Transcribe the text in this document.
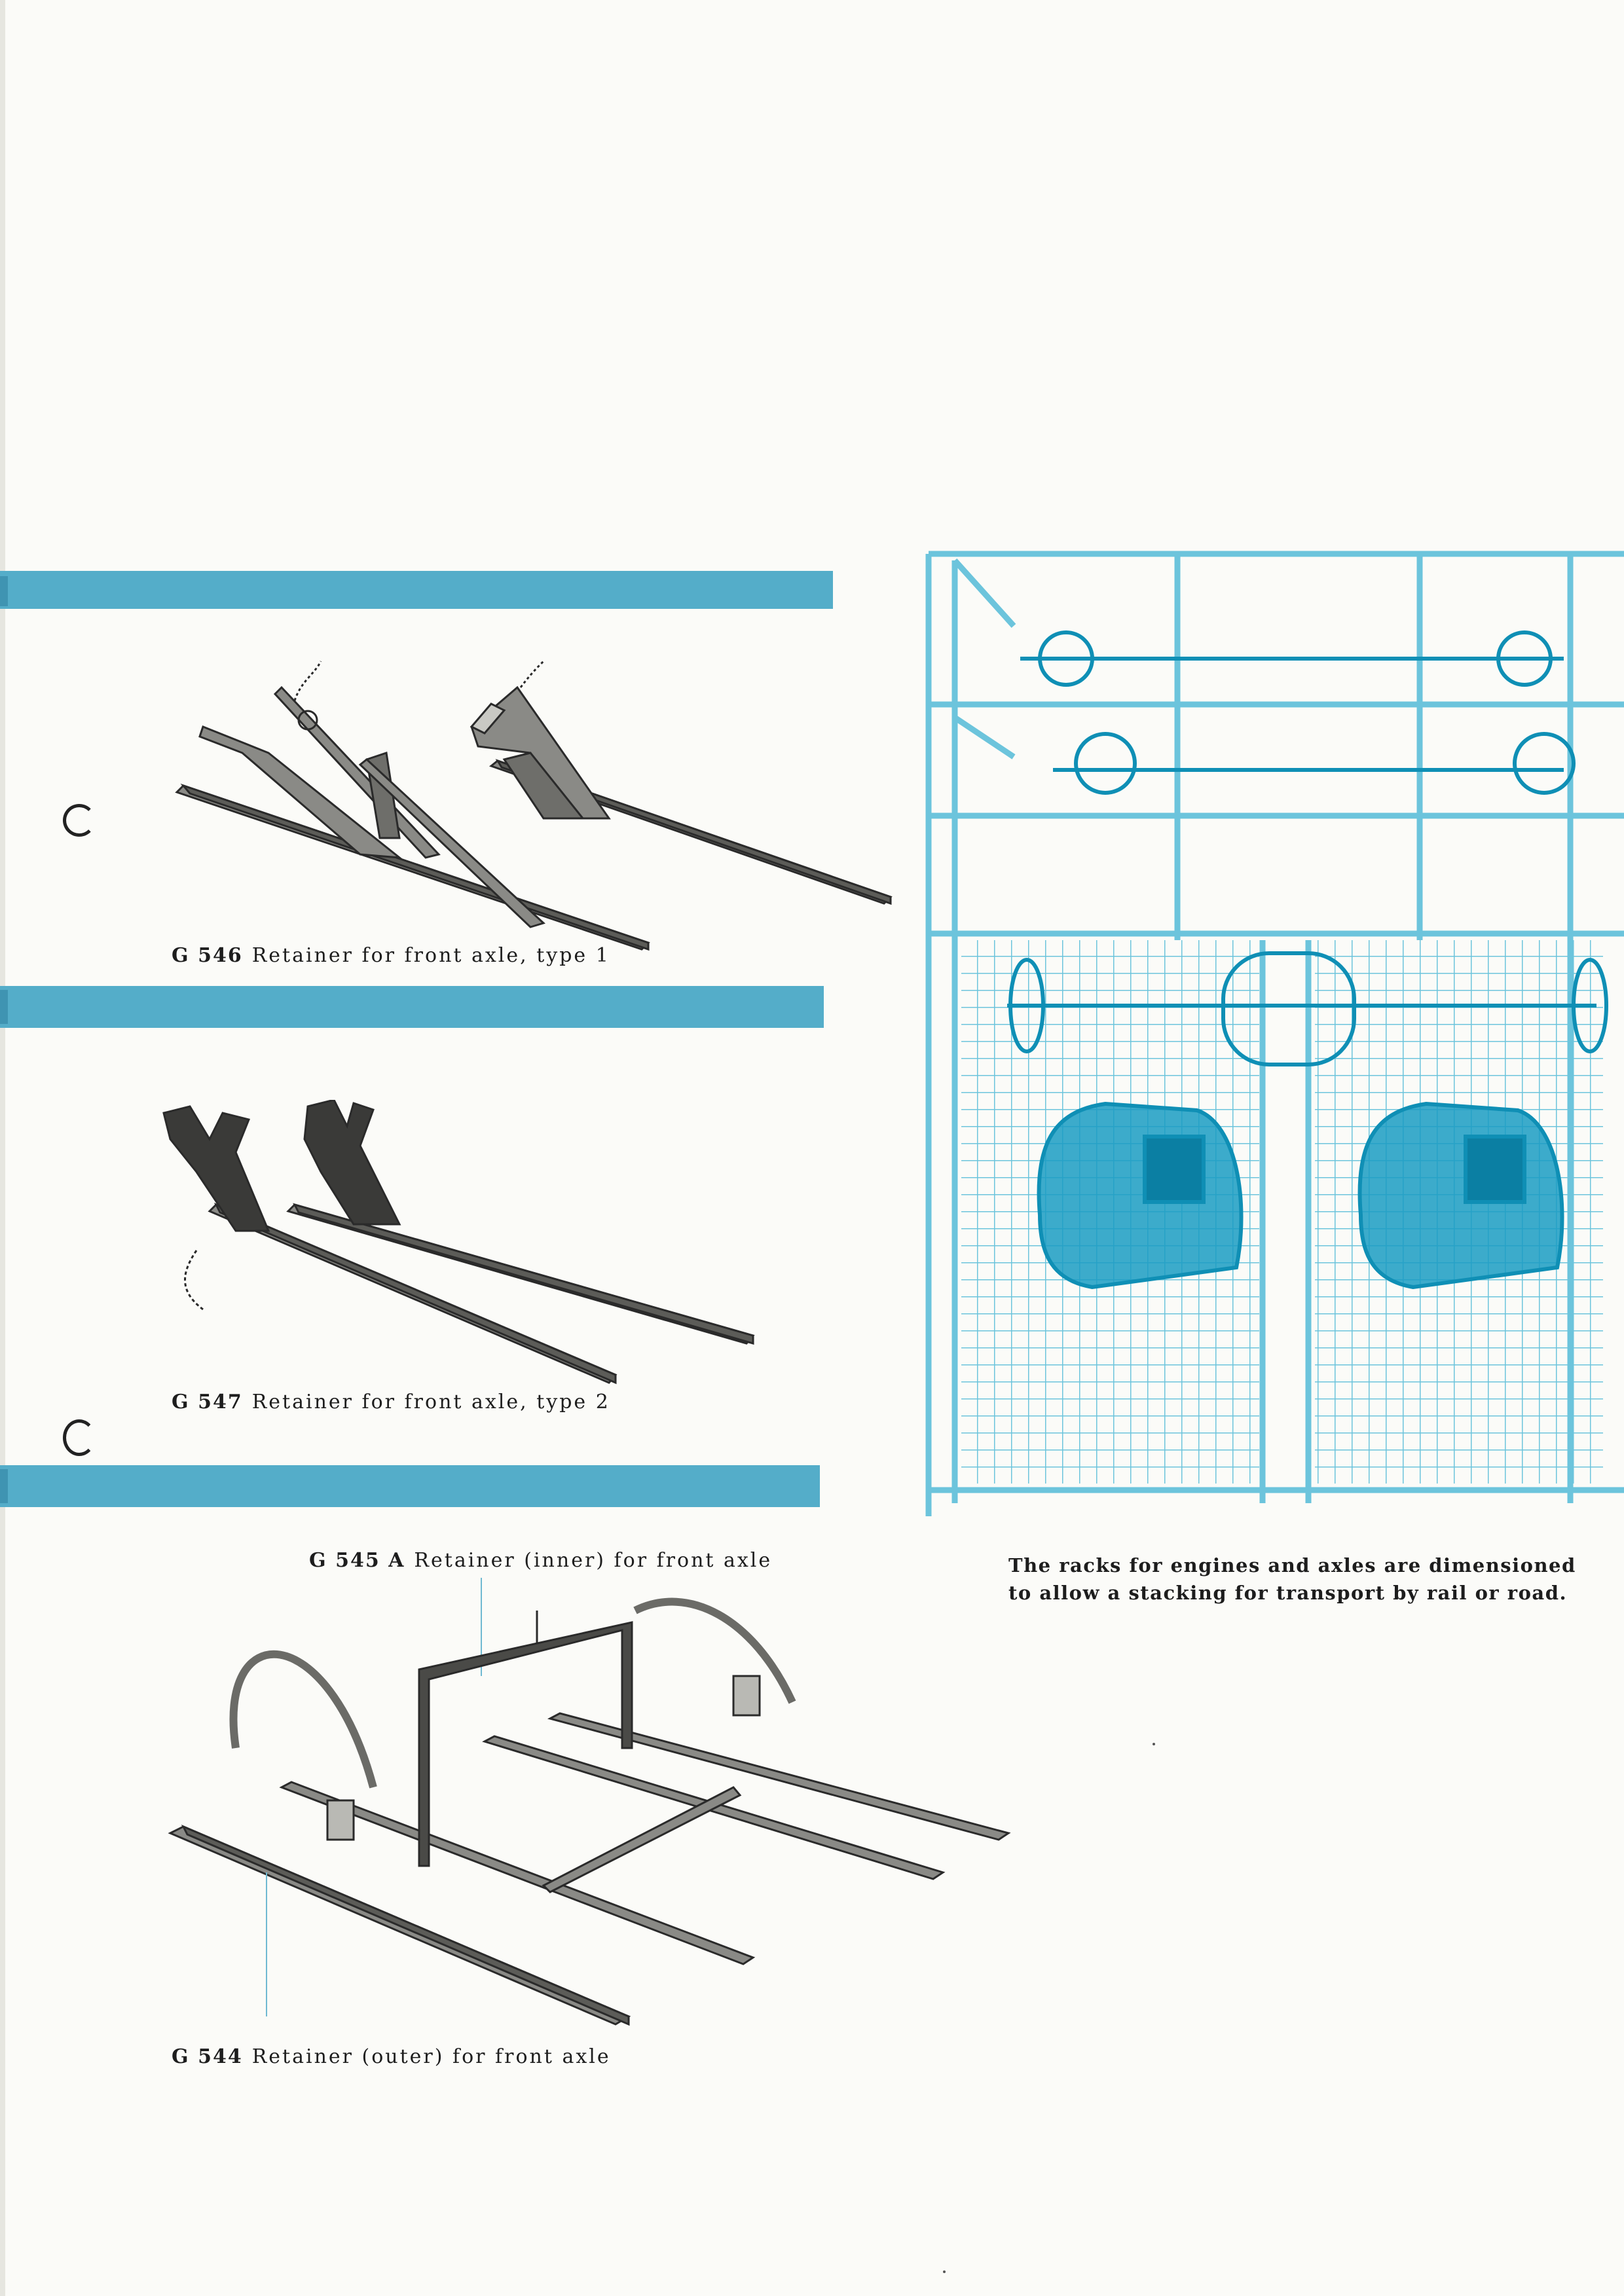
G 546 Retainer for front axle, type 1
G 547 Retainer for front axle, type 2
G 545 A Retainer (inner) for front axle
G 544 Retainer (outer) for front axle
The racks for engines and axles are dimensioned
to allow a stacking for transport by rail or road.
